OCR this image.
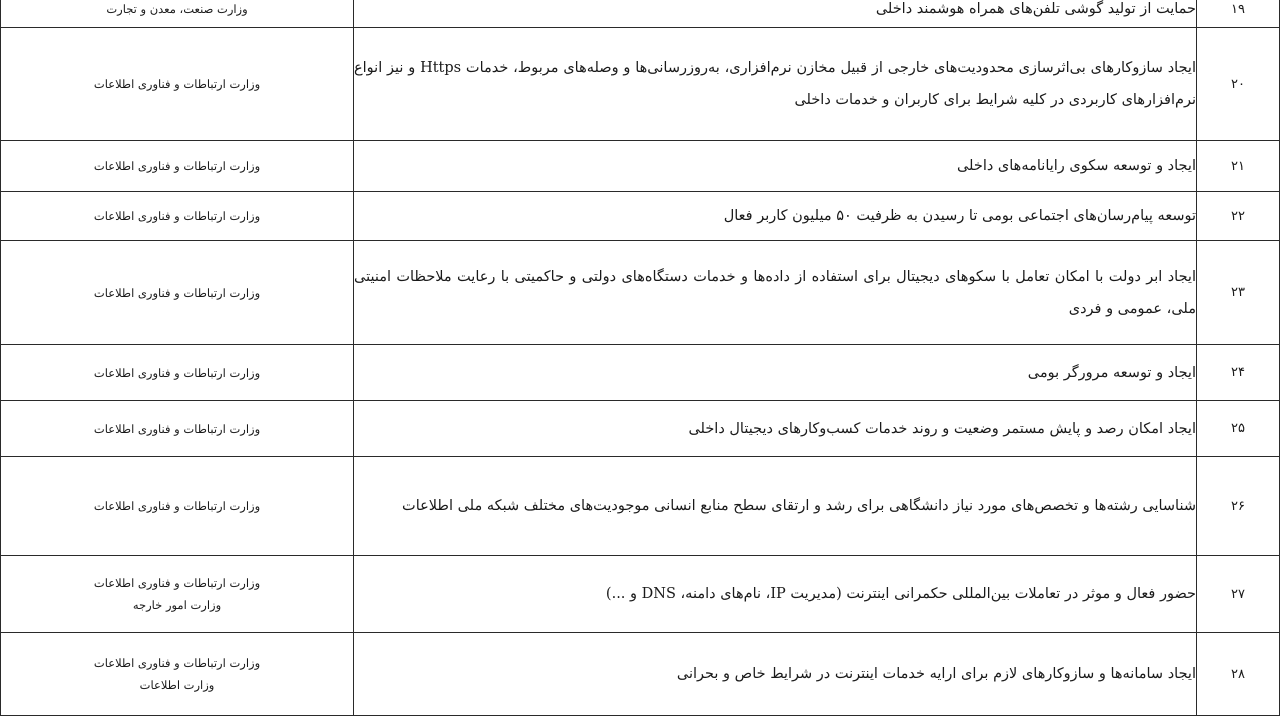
۱۹	حمایت از تولید گوشی تلفن‌های همراه هوشمند داخلی	وزارت صنعت، معدن و تجارت

۲۰	ایجاد سازوکارهای بی‌اثرسازی محدودیت‌های خارجی از قبیل مخازن نرم‌افزاری، به‌روزرسانی‌ها و وصله‌های مربوط، خدمات Https و نیز انواع نرم‌افزارهای کاربردی در کلیه شرایط برای کاربران و خدمات داخلی	وزارت ارتباطات و فناوری اطلاعات

۲۱	ایجاد و توسعه سکوی رایانامه‌های داخلی	وزارت ارتباطات و فناوری اطلاعات

۲۲	توسعه پیام‌رسان‌های اجتماعی بومی تا رسیدن به ظرفیت ۵۰ میلیون کاربر فعال	وزارت ارتباطات و فناوری اطلاعات

۲۳	ایجاد ابر دولت با امکان تعامل با سکوهای دیجیتال برای استفاده از داده‌ها و خدمات دستگاه‌های دولتی و حاکمیتی با رعایت ملاحظات امنیتی ملی، عمومی و فردی	وزارت ارتباطات و فناوری اطلاعات

۲۴	ایجاد و توسعه مرورگر بومی	وزارت ارتباطات و فناوری اطلاعات

۲۵	ایجاد امکان رصد و پایش مستمر وضعیت و روند خدمات کسب‌وکارهای دیجیتال داخلی	وزارت ارتباطات و فناوری اطلاعات

۲۶	شناسایی رشته‌ها و تخصص‌های مورد نیاز دانشگاهی برای رشد و ارتقای سطح منابع انسانی موجودیت‌های مختلف شبکه ملی اطلاعات	وزارت ارتباطات و فناوری اطلاعات

۲۷	حضور فعال و موثر در تعاملات بین‌المللی حکمرانی اینترنت (مدیریت IP، نام‌های دامنه، DNS و ...)	وزارت ارتباطات و فناوری اطلاعات
وزارت امور خارجه

۲۸	ایجاد سامانه‌ها و سازوکارهای لازم برای ارایه خدمات اینترنت در شرایط خاص و بحرانی	وزارت ارتباطات و فناوری اطلاعات
وزارت اطلاعات
